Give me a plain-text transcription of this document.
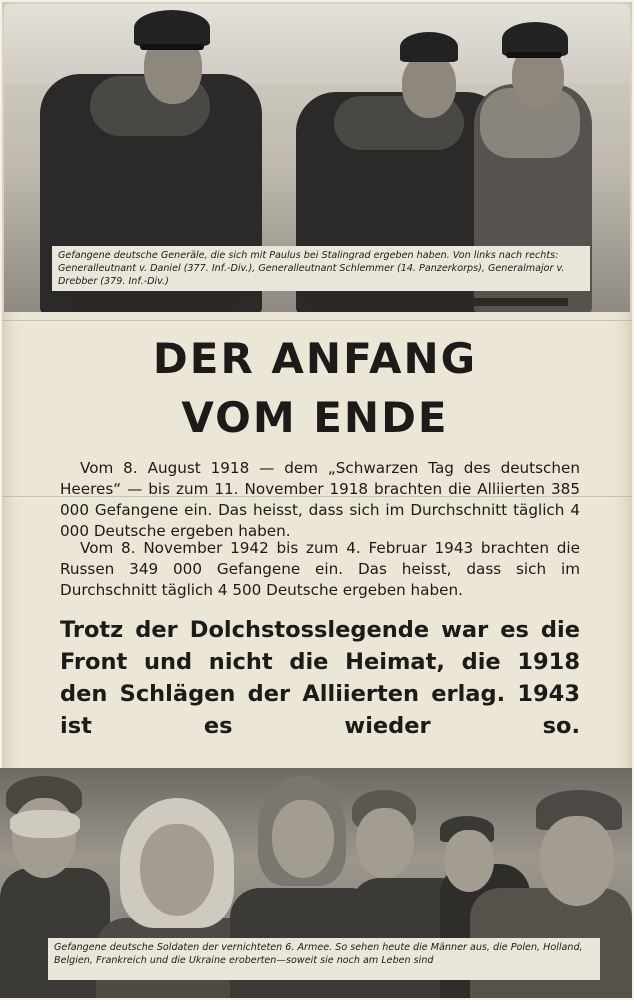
Gefangene deutsche Generäle, die sich mit Paulus bei Stalingrad ergeben haben. Von links nach rechts: Generalleutnant v. Daniel (377. Inf.-Div.), Generalleutnant Schlemmer (14. Panzerkorps), Generalmajor v. Drebber (379. Inf.-Div.)
DER ANFANG
VOM ENDE
Vom 8. August 1918 — dem „Schwarzen Tag des deutschen Heeres“ — bis zum 11. November 1918 brachten die Alliierten 385 000 Gefangene ein. Das heisst, dass sich im Durchschnitt täglich 4 000 Deutsche ergeben haben.
Vom 8. November 1942 bis zum 4. Februar 1943 brachten die Russen 349 000 Gefangene ein. Das heisst, dass sich im Durchschnitt täglich 4 500 Deutsche ergeben haben.
Trotz der Dolchstosslegende war es die Front und nicht die Heimat, die 1918 den Schlägen der Alliierten erlag. 1943 ist es wieder so.
Gefangene deutsche Soldaten der vernichteten 6. Armee. So sehen heute die Männer aus, die Polen, Holland, Belgien, Frankreich und die Ukraine eroberten—soweit sie noch am Leben sind
